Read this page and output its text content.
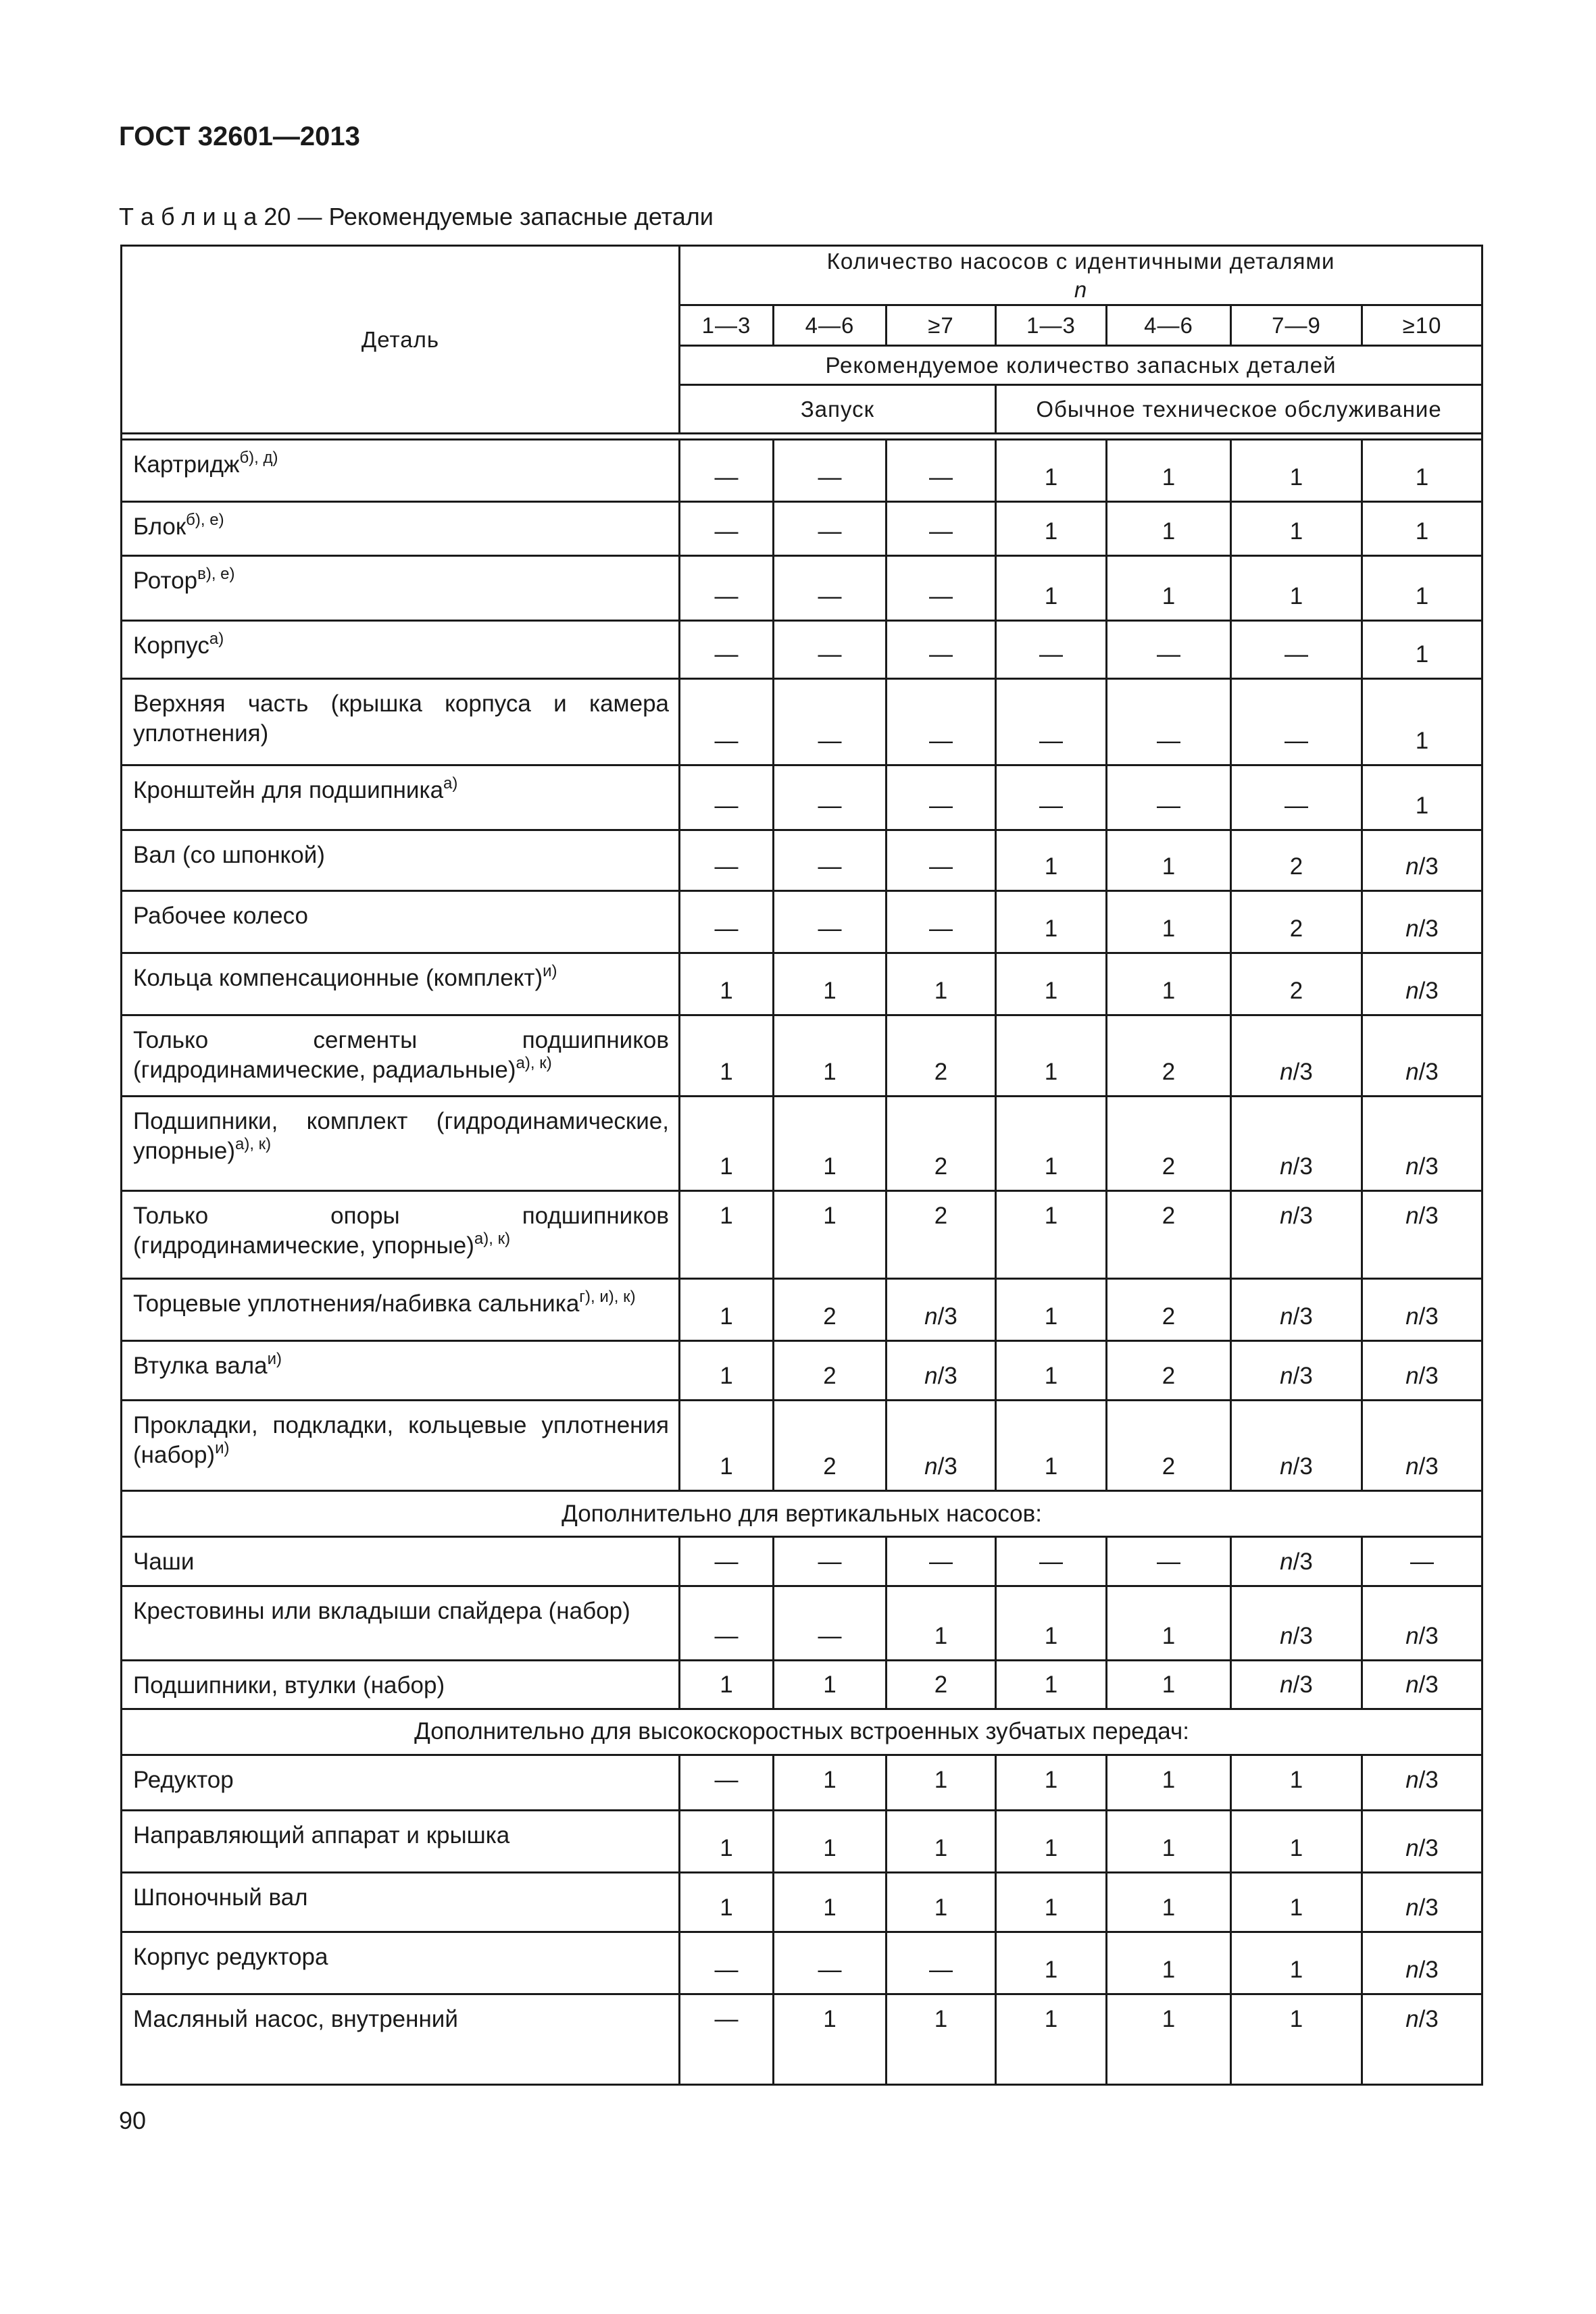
ГОСТ 32601—2013
Т а б л и ц а 20 — Рекомендуемые запасные детали
Деталь	Количество насосов с идентичными деталями
n						

	1—3	4—6	≥7	1—3	4—6	7—9	≥10
	Рекомендуемое количество запасных деталей						
	Запуск			Обычное техническое обслуживание			

Картридж$^{б), д)}$	—	—	—	1	1	1	1
Блок$^{б), е)}$	—	—	—	1	1	1	1
Ротор$^{в), е)}$	—	—	—	1	1	1	1
Корпус$^{а)}$	—	—	—	—	—	—	1
Верхняя часть (крышка корпуса и камера уплотнения)	—	—	—	—	—	—	1
Кронштейн для подшипника$^{а)}$	—	—	—	—	—	—	1
Вал (со шпонкой)	—	—	—	1	1	2	n/3
Рабочее колесо	—	—	—	1	1	2	n/3
Кольца компенсационные (комплект)$^{и)}$	1	1	1	1	1	2	n/3
Только сегменты подшипников (гидродинамические, радиальные)$^{а), к)}$	1	1	2	1	2	n/3	n/3
Подшипники, комплект (гидродинамические, упорные)$^{а), к)}$	1	1	2	1	2	n/3	n/3
Только опоры подшипников (гидродинамические, упорные)$^{а), к)}$	1	1	2	1	2	n/3	n/3
Торцевые уплотнения/набивка сальника$^{г), и), к)}$	1	2	n/3	1	2	n/3	n/3
Втулка вала$^{и)}$	1	2	n/3	1	2	n/3	n/3
Прокладки, подкладки, кольцевые уплотнения (набор)$^{и)}$	1	2	n/3	1	2	n/3	n/3
Дополнительно для вертикальных насосов:							
Чаши	—	—	—	—	—	n/3	—
Крестовины или вкладыши спайдера (набор)	—	—	1	1	1	n/3	n/3
Подшипники, втулки (набор)	1	1	2	1	1	n/3	n/3
Дополнительно для высокоскоростных встроенных зубчатых передач:							
Редуктор	—	1	1	1	1	1	n/3
Направляющий аппарат и крышка	1	1	1	1	1	1	n/3
Шпоночный вал	1	1	1	1	1	1	n/3
Корпус редуктора	—	—	—	1	1	1	n/3
Масляный насос, внутренний	—	1	1	1	1	1	n/3
90
